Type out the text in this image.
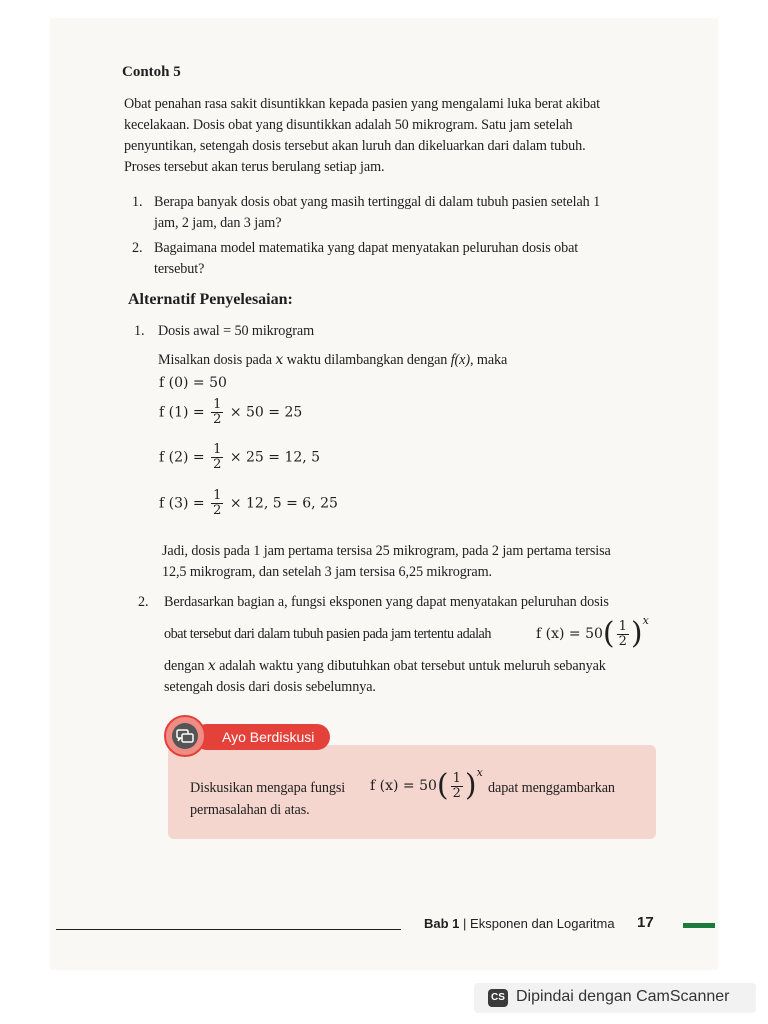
Contoh 5
Obat penahan rasa sakit disuntikkan kepada pasien yang mengalami luka berat akibat
kecelakaan. Dosis obat yang disuntikkan adalah 50 mikrogram. Satu jam setelah
penyuntikan, setengah dosis tersebut akan luruh dan dikeluarkan dari dalam tubuh.
Proses tersebut akan terus berulang setiap jam.
1. Berapa banyak dosis obat yang masih tertinggal di dalam tubuh pasien setelah 1
jam, 2 jam, dan 3 jam?
2. Bagaimana model matematika yang dapat menyatakan peluruhan dosis obat
tersebut?
Alternatif Penyelesaian:
1. Dosis awal = 50 mikrogram
Misalkan dosis pada x waktu dilambangkan dengan f(x), maka
f (0) = 50
f $(1) = \frac{1}{2} \times 50 = 25$
f $(2) = \frac{1}{2} \times 25 = 12$, 5
f $(3) = \frac{1}{2} \times 12$, 5 = 6, 25
Jadi, dosis pada 1 jam pertama tersisa 25 mikrogram, pada 2 jam pertama tersisa
12,5 mikrogram, dan setelah 3 jam tersisa 6,25 mikrogram.
2. Berdasarkan bagian a, fungsi eksponen yang dapat menyatakan peluruhan dosis
obat tersebut dari dalam tubuh pasien pada jam tertentu adalah	f $(x) = 50( \frac{1}{2} )^x$
dengan x adalah waktu yang dibutuhkan obat tersebut untuk meluruh sebanyak
setengah dosis dari dosis sebelumnya.
Ayo Berdiskusi
Diskusikan mengapa fungsi f $(x) = 50( \frac{1}{2} )^x$
dapat menggambarkan
permasalahan di atas.
Bab 1 | Eksponen dan Logaritma 17
CS Dipindai dengan CamScanner
